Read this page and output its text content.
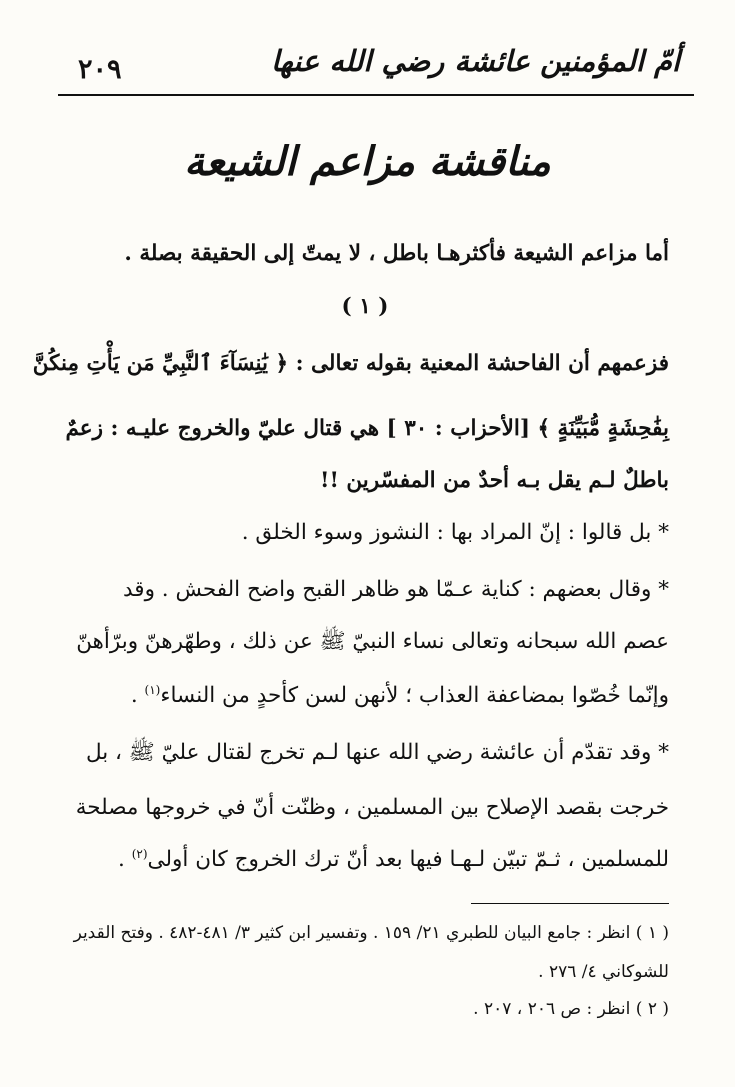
٢٠٩	أمّ المؤمنين عائشة رضي الله عنها
مناقشة مزاعم الشيعة
أما مزاعم الشيعة فأكثرهـا باطل ، لا يمتّ إلى الحقيقة بصلة .
( ١ )
فزعمهم أن الفاحشة المعنية بقوله تعالى : ﴿ يَٰنِسَآءَ ٱلنَّبِيِّ مَن يَأْتِ مِنكُنَّ
بِفَٰحِشَةٍ مُّبَيِّنَةٍ ﴾ [الأحزاب : ٣٠ ] هي قتال عليّ والخروج عليـه : زعمٌ
باطلٌ لـم يقل بـه أحدٌ من المفسّرين !!
* بل قالوا : إنّ المراد بها : النشوز وسوء الخلق .
* وقال بعضهم : كناية عـمّا هو ظاهر القبح واضح الفحش . وقد
عصم الله سبحانه وتعالى نساء النبيّ ﷺ عن ذلك ، وطهّرهنّ وبرّأهنّ
وإنّما خُصّوا بمضاعفة العذاب ؛ لأنهن لسن كأحدٍ من النساء$^{(١)}$ .
* وقد تقدّم أن عائشة رضي الله عنها لـم تخرج لقتال عليّ ﷺ ، بل
خرجت بقصد الإصلاح بين المسلمين ، وظنّت أنّ في خروجها مصلحة
للمسلمين ، ثـمّ تبيّن لـهـا فيها بعد أنّ ترك الخروج كان أولى$^{(٢)}$ .
( ١ ) انظر : جامع البيان للطبري ٢١/ ١٥٩ . وتفسير ابن كثير ٣/ ٤٨١-٤٨٢ . وفتح القدير
للشوكاني ٤/ ٢٧٦ .
( ٢ ) انظر : ص ٢٠٦ ، ٢٠٧ .
